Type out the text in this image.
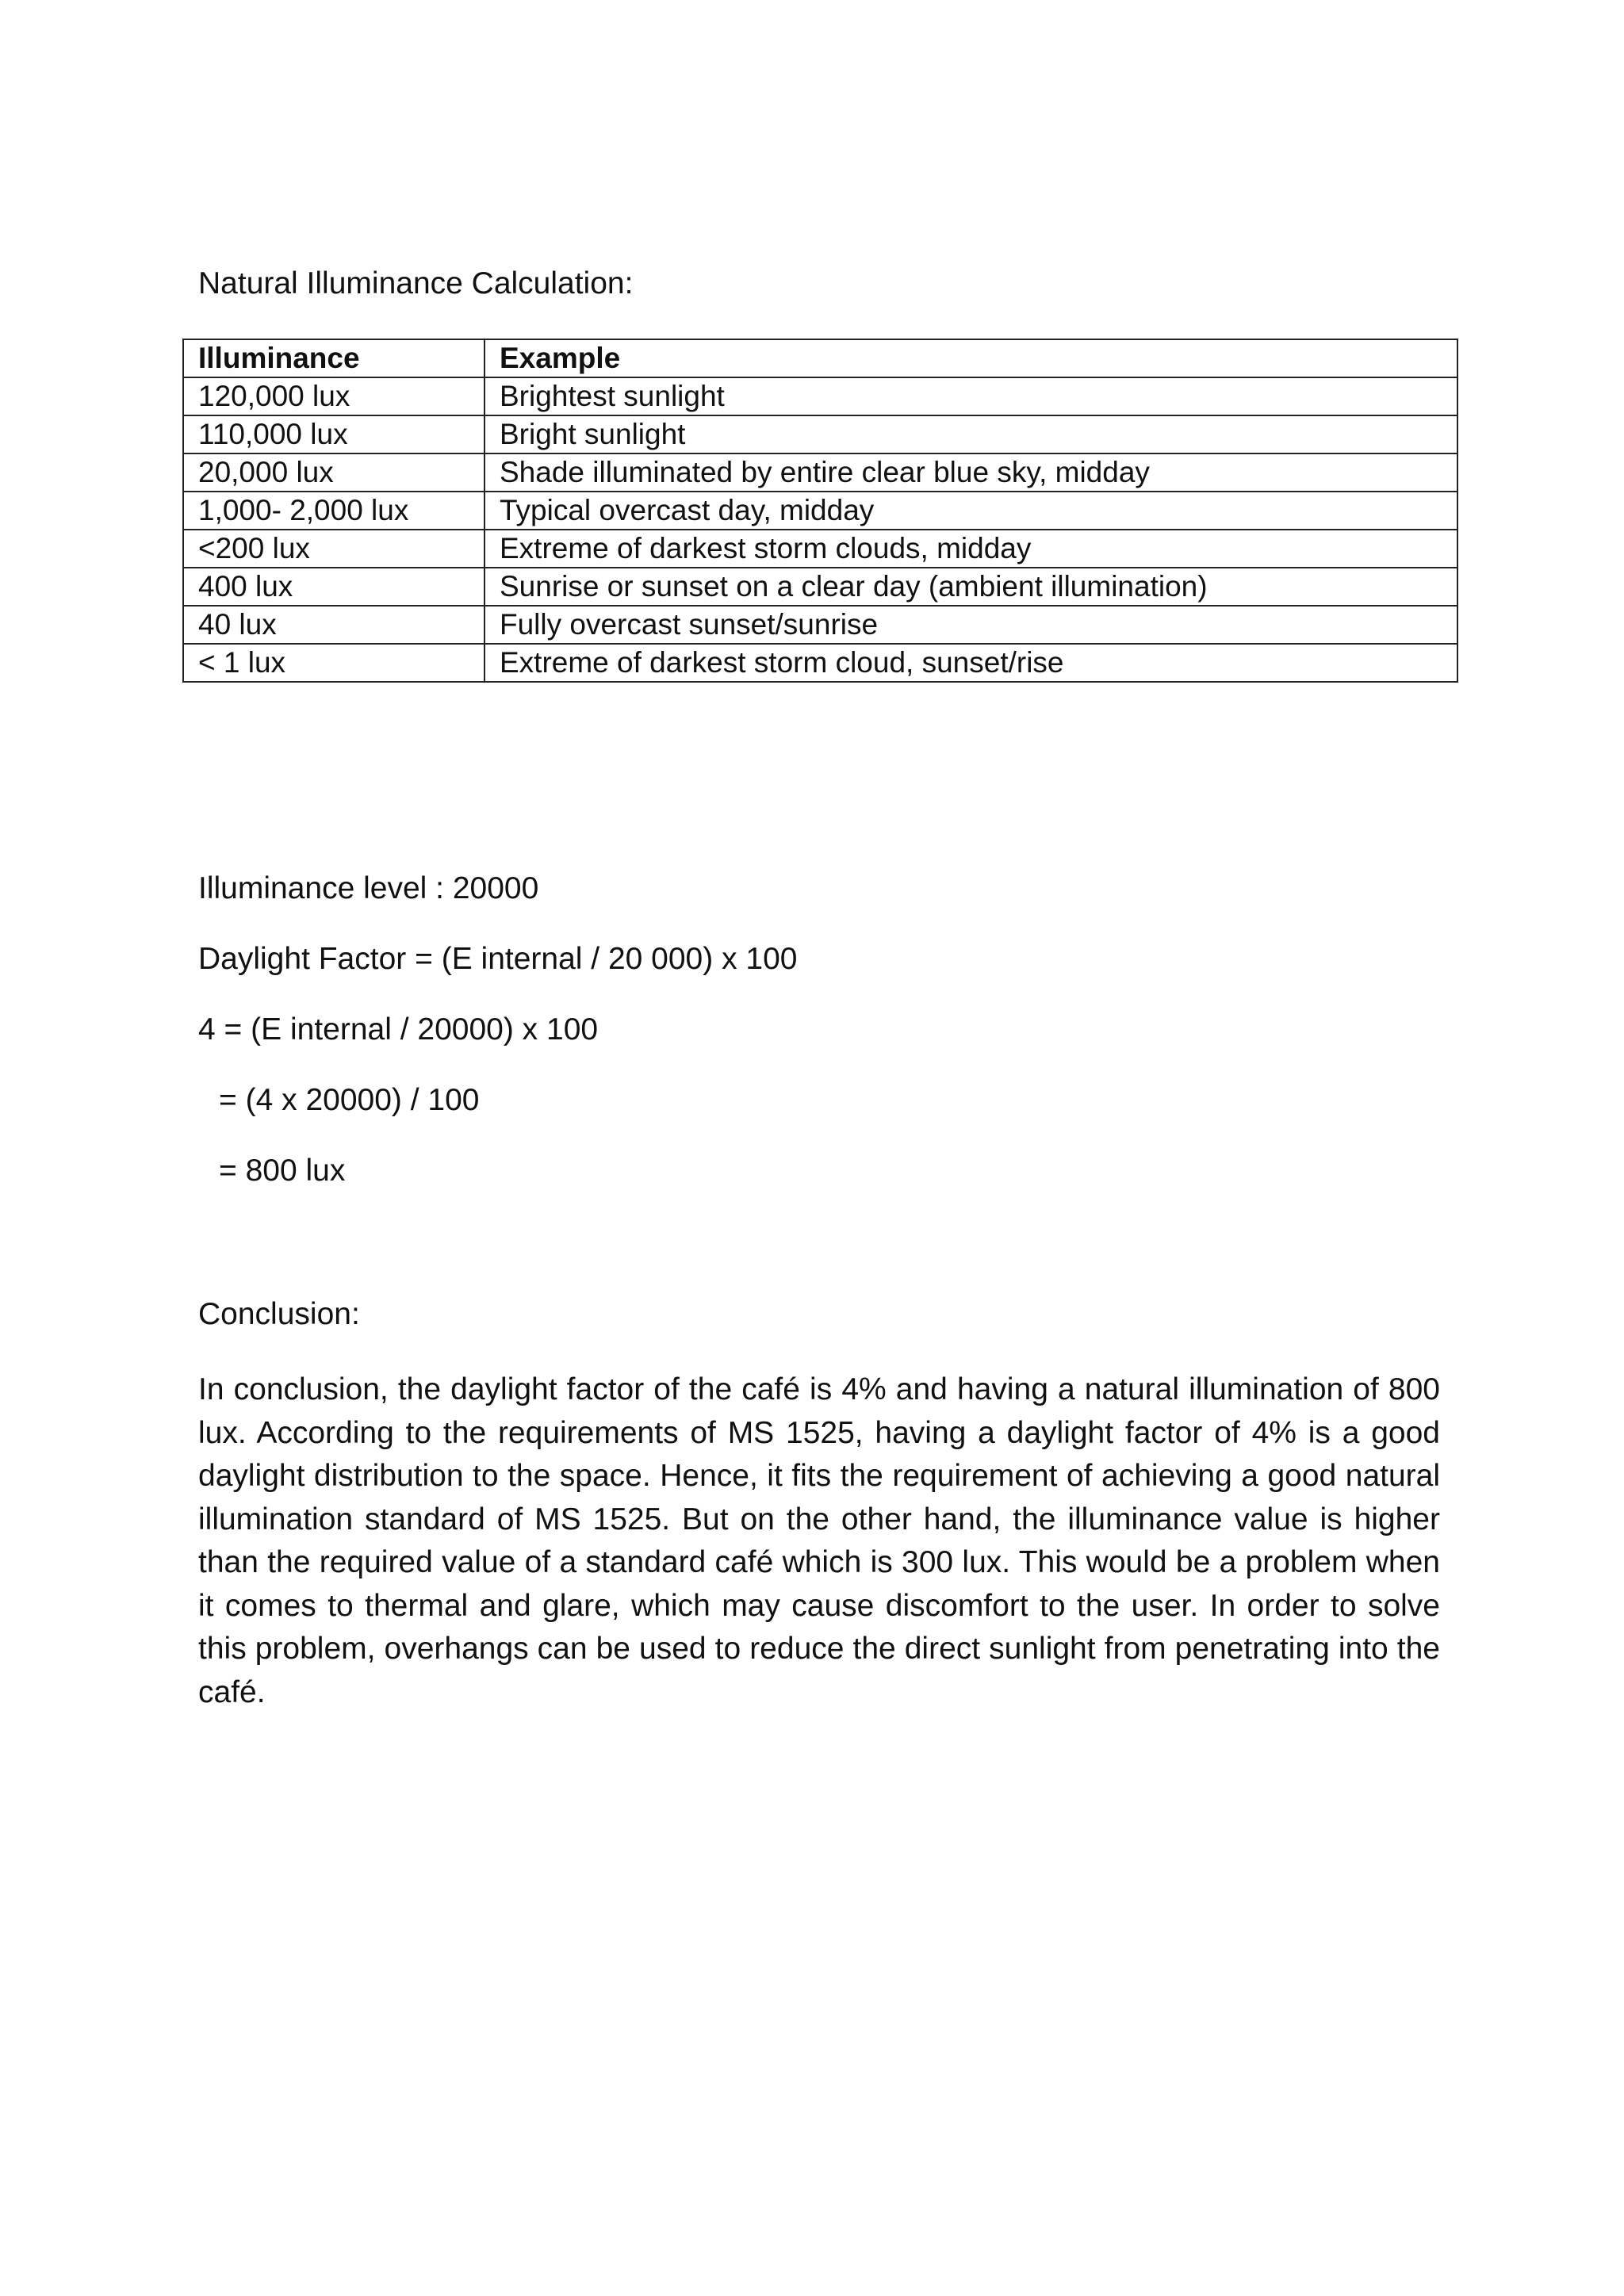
Natural Illuminance Calculation:
Illuminance	Example
120,000 lux	Brightest sunlight
110,000 lux	Bright sunlight
20,000 lux	Shade illuminated by entire clear blue sky, midday
1,000- 2,000 lux	Typical overcast day, midday
<200 lux	Extreme of darkest storm clouds, midday
400 lux	Sunrise or sunset on a clear day (ambient illumination)
40 lux	Fully overcast sunset/sunrise
< 1 lux	Extreme of darkest storm cloud, sunset/rise
Illuminance level : 20000
Daylight Factor = (E internal / 20 000) x 100
4 = (E internal / 20000) x 100
= (4 x 20000) / 100
= 800 lux
Conclusion:
In conclusion, the daylight factor of the café is 4% and having a natural illumination of 800 lux. According to the requirements of MS 1525, having a daylight factor of 4% is a good daylight distribution to the space. Hence, it fits the requirement of achieving a good natural illumination standard of MS 1525. But on the other hand, the illuminance value is higher than the required value of a standard café which is 300 lux. This would be a problem when it comes to thermal and glare, which may cause discomfort to the user. In order to solve this problem, overhangs can be used to reduce the direct sunlight from penetrating into the café.
